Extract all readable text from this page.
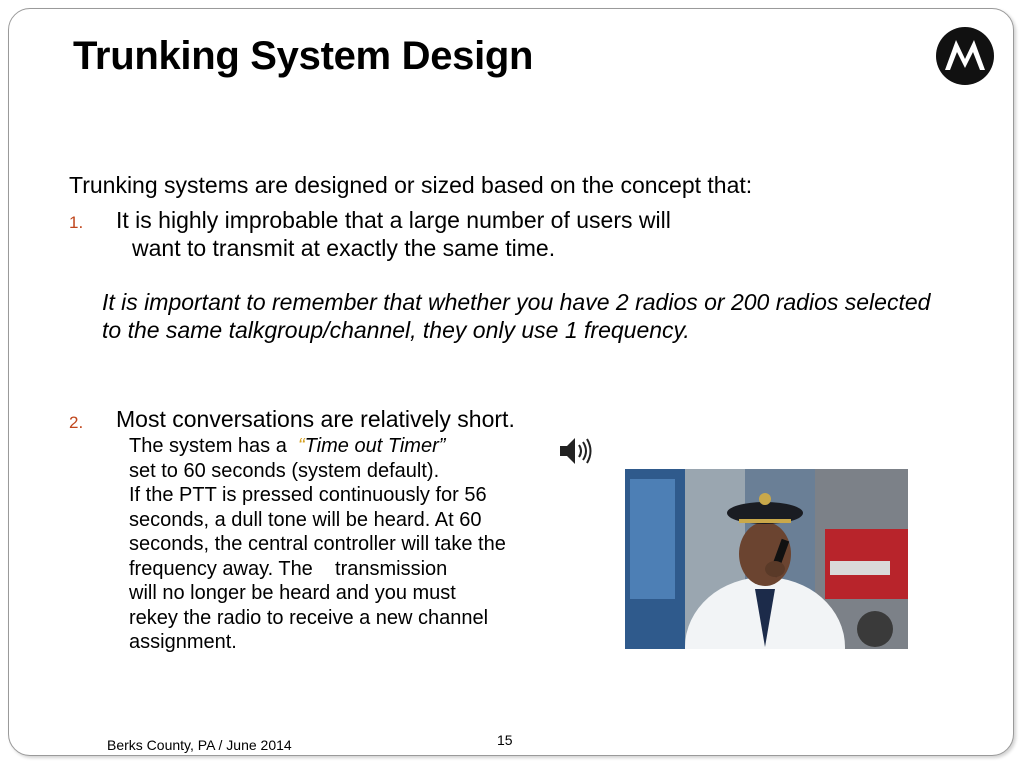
Trunking System Design
Trunking systems are designed or sized based on the concept that:
1. It is highly improbable that a large number of users will
want to transmit at exactly the same time.
It is important to remember that whether you have 2 radios or 200 radios selected to the same talkgroup/channel, they only use 1 frequency.
2. Most conversations are relatively short.
The system has a “Time out Timer”
set to 60 seconds (system default).
If the PTT is pressed continuously for 56
seconds, a dull tone will be heard. At 60
seconds, the central controller will take the
frequency away. The    transmission
will no longer be heard and you must
rekey the radio to receive a new channel
assignment.
Berks County, PA / June 2014	15
